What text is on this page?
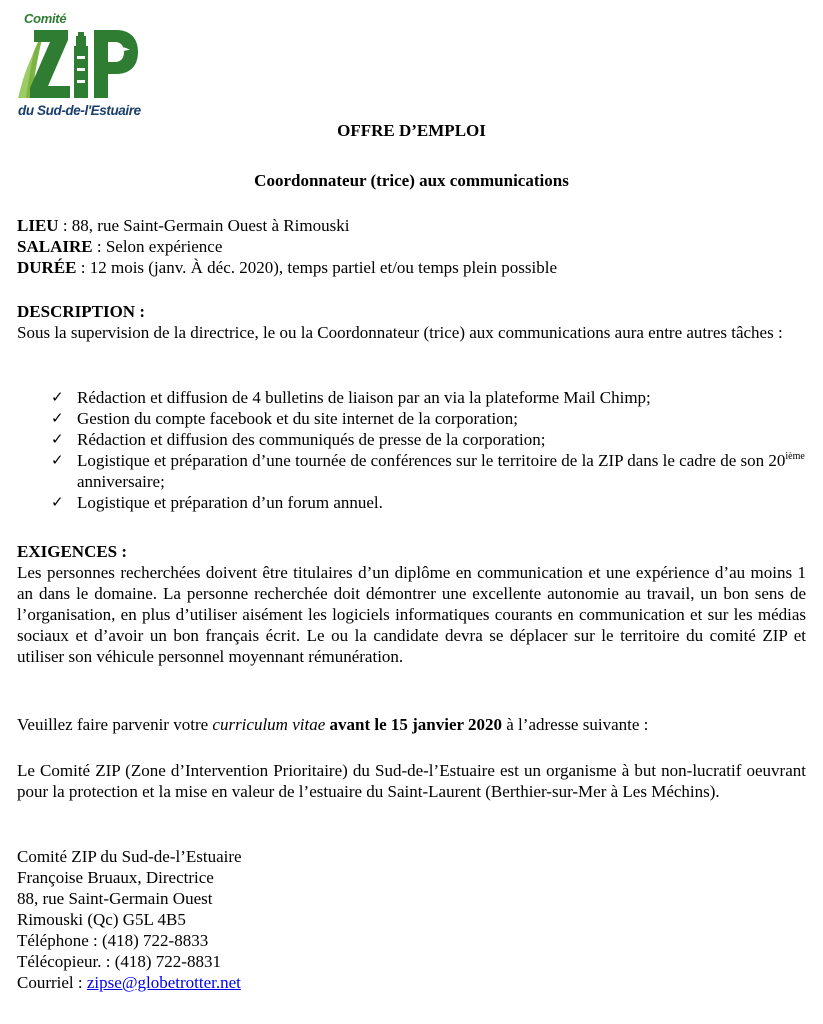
Comité
du Sud-de-l'Estuaire

OFFRE D’EMPLOI

Coordonnateur (trice) aux communications

LIEU : 88, rue Saint-Germain Ouest à Rimouski

SALAIRE : Selon expérience

DURÉE : 12 mois (janv. À déc. 2020), temps partiel et/ou temps plein possible

DESCRIPTION :

Sous la supervision de la directrice, le ou la Coordonnateur (trice) aux communications aura entre autres tâches :

✓ Rédaction et diffusion de 4 bulletins de liaison par an via la plateforme Mail Chimp;
✓ Gestion du compte facebook et du site internet de la corporation;
✓ Rédaction et diffusion des communiqués de presse de la corporation;
✓ Logistique et préparation d’une tournée de conférences sur le territoire de la ZIP dans le cadre de son 20ième anniversaire;
✓ Logistique et préparation d’un forum annuel.

EXIGENCES :

Les personnes recherchées doivent être titulaires d’un diplôme en communication et une expérience d’au moins 1 an dans le domaine. La personne recherchée doit démontrer une excellente autonomie au travail, un bon sens de l’organisation, en plus d’utiliser aisément les logiciels informatiques courants en communication et sur les médias sociaux et d’avoir un bon français écrit. Le ou la candidate devra se déplacer sur le territoire du comité ZIP et utiliser son véhicule personnel moyennant rémunération.

Veuillez faire parvenir votre curriculum vitae avant le 15 janvier 2020 à l’adresse suivante :

Le Comité ZIP (Zone d’Intervention Prioritaire) du Sud-de-l’Estuaire est un organisme à but non-lucratif oeuvrant pour la protection et la mise en valeur de l’estuaire du Saint-Laurent (Berthier-sur-Mer à Les Méchins).

Comité ZIP du Sud-de-l’Estuaire

Françoise Bruaux, Directrice

88, rue Saint-Germain Ouest

Rimouski (Qc) G5L 4B5

Téléphone : (418) 722-8833

Télécopieur. : (418) 722-8831

Courriel : zipse@globetrotter.net
